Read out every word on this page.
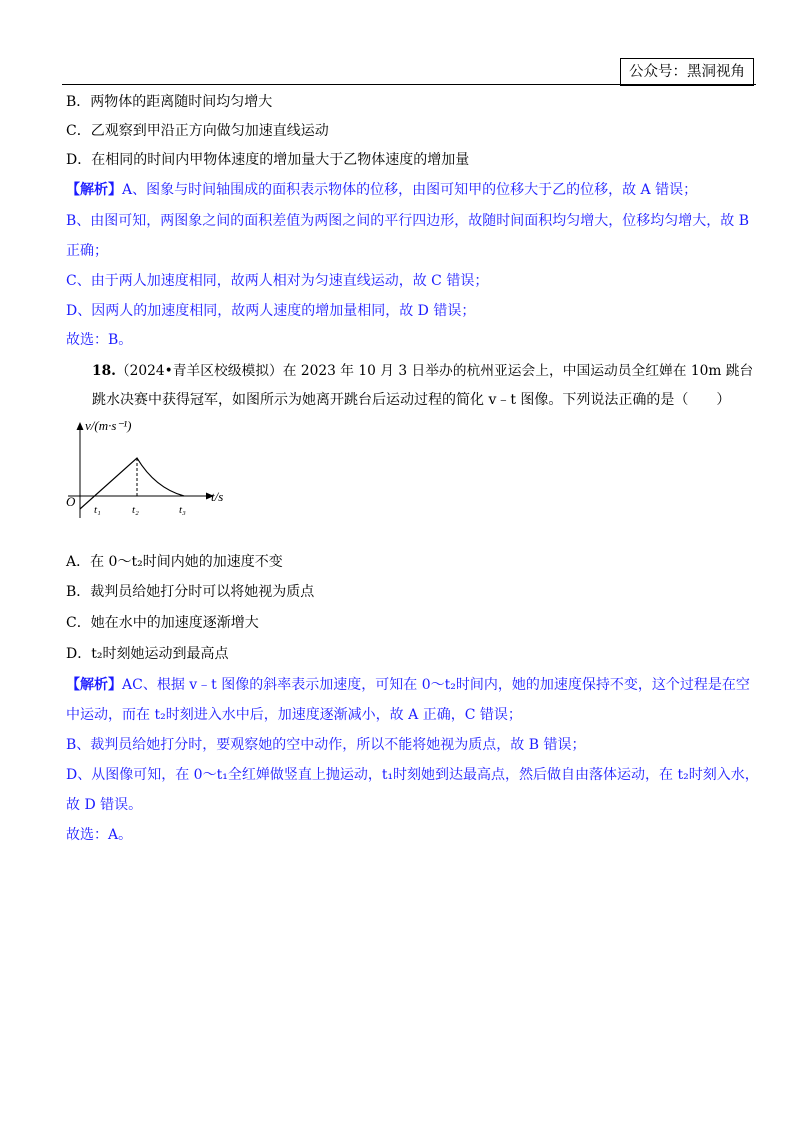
公众号：黑洞视角
B．两物体的距离随时间均匀增大
C．乙观察到甲沿正方向做匀加速直线运动
D．在相同的时间内甲物体速度的增加量大于乙物体速度的增加量
【解析】A、图象与时间轴围成的面积表示物体的位移，由图可知甲的位移大于乙的位移，故 A 错误；
B、由图可知，两图象之间的面积差值为两图之间的平行四边形，故随时间面积均匀增大，位移均匀增大，故 B
正确；
C、由于两人加速度相同，故两人相对为匀速直线运动，故 C 错误；
D、因两人的加速度相同，故两人速度的增加量相同，故 D 错误；
故选：B。
18.（2024•青羊区校级模拟）在 2023 年 10 月 3 日举办的杭州亚运会上，中国运动员全红婵在 10m 跳台
跳水决赛中获得冠军，如图所示为她离开跳台后运动过程的简化 v﹣t 图像。下列说法正确的是（　　）
v/(m·s⁻¹)
t/s
O
t₁	t₂	t₃
A．在 0～t₂时间内她的加速度不变
B．裁判员给她打分时可以将她视为质点
C．她在水中的加速度逐渐增大
D．t₂时刻她运动到最高点
【解析】AC、根据 v﹣t 图像的斜率表示加速度，可知在 0～t₂时间内，她的加速度保持不变，这个过程是在空
中运动，而在 t₂时刻进入水中后，加速度逐渐减小，故 A 正确，C 错误；
B、裁判员给她打分时，要观察她的空中动作，所以不能将她视为质点，故 B 错误；
D、从图像可知，在 0～t₁全红婵做竖直上抛运动，t₁时刻她到达最高点，然后做自由落体运动，在 t₂时刻入水，
故 D 错误。
故选：A。
